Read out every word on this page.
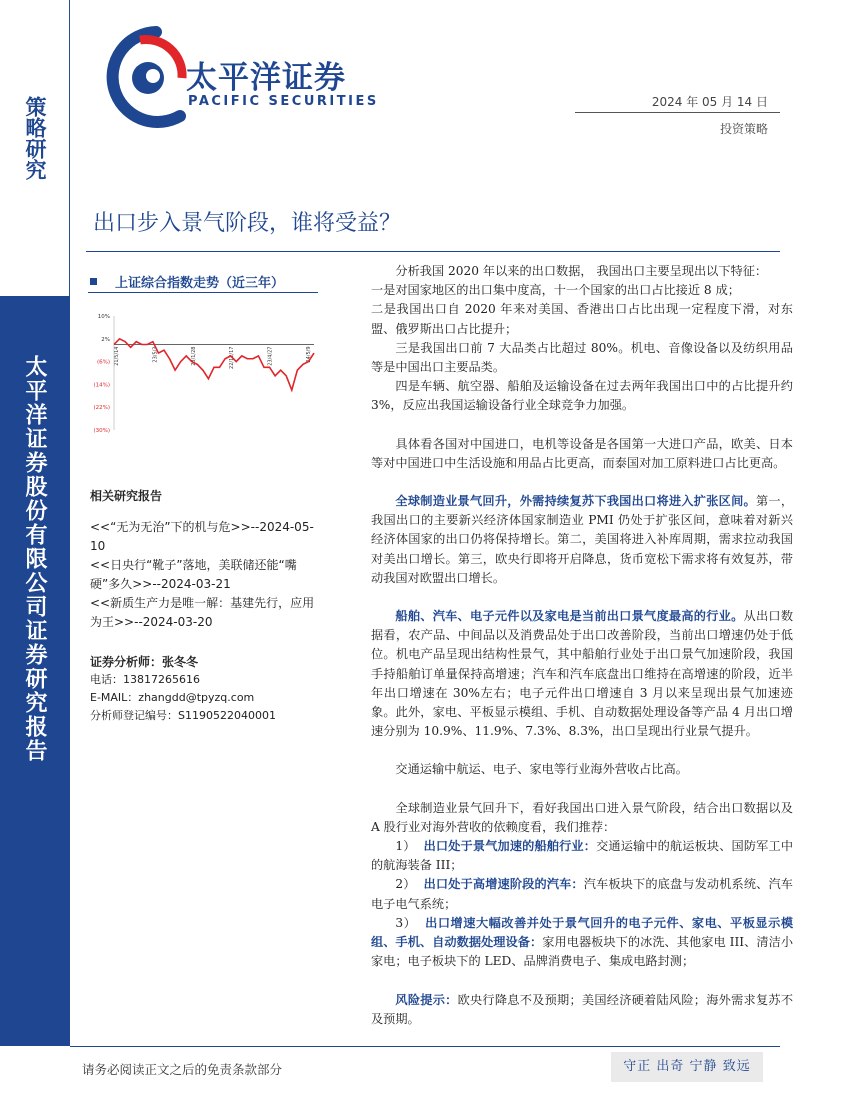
策略研究
太平洋证券股份有限公司证券研究报告
太平洋证券
PACIFIC SECURITIES	2024 年 05 月 14 日
投资策略
出口步入景气阶段，谁将受益？
上证综合指数走势（近三年）
10%
2%
(6%)
(14%)
(22%)
(30%)
21/5/14	23/5/3	23/1/28	22/12/17	23/4/27	24/5/9
相关研究报告
<<“无为无治”下的机与危>>--2024-05-10
<<日央行“靴子”落地，美联储还能“嘴硬”多久>>--2024-03-21
<<新质生产力是唯一解：基建先行，应用为王>>--2024-03-20
证券分析师：张冬冬
电话：13817265616
E-MAIL：zhangdd@tpyzq.com
分析师登记编号：S1190522040001

分析我国 2020 年以来的出口数据， 我国出口主要呈现出以下特征：

一是对国家地区的出口集中度高，十一个国家的出口占比接近 8 成；

二是我国出口自 2020 年来对美国、香港出口占比出现一定程度下滑，对东盟、俄罗斯出口占比提升；

三是我国出口前 7 大品类占比超过 80%。机电、音像设备以及纺织用品等是中国出口主要品类。

四是车辆、航空器、船舶及运输设备在过去两年我国出口中的占比提升约 3%，反应出我国运输设备行业全球竞争力加强。

具体看各国对中国进口，电机等设备是各国第一大进口产品，欧美、日本等对中国进口中生活设施和用品占比更高，而泰国对加工原料进口占比更高。

全球制造业景气回升，外需持续复苏下我国出口将进入扩张区间。第一，我国出口的主要新兴经济体国家制造业 PMI 仍处于扩张区间，意味着对新兴经济体国家的出口仍将保持增长。第二，美国将进入补库周期，需求拉动我国对美出口增长。第三，欧央行即将开启降息，货币宽松下需求将有效复苏，带动我国对欧盟出口增长。

船舶、汽车、电子元件以及家电是当前出口景气度最高的行业。从出口数据看，农产品、中间品以及消费品处于出口改善阶段，当前出口增速仍处于低位。机电产品呈现出结构性景气，其中船舶行业处于出口景气加速阶段，我国手持船舶订单量保持高增速；汽车和汽车底盘出口维持在高增速的阶段，近半年出口增速在 30%左右；电子元件出口增速自 3 月以来呈现出景气加速迹象。此外，家电、平板显示模组、手机、自动数据处理设备等产品 4 月出口增速分别为 10.9%、11.9%、7.3%、8.3%，出口呈现出行业景气提升。

交通运输中航运、电子、家电等行业海外营收占比高。

全球制造业景气回升下，看好我国出口进入景气阶段，结合出口数据以及 A 股行业对海外营收的依赖度看，我们推荐：

1） 出口处于景气加速的船舶行业：交通运输中的航运板块、国防军工中的航海装备 III；

2） 出口处于高增速阶段的汽车：汽车板块下的底盘与发动机系统、汽车电子电气系统；

3） 出口增速大幅改善并处于景气回升的电子元件、家电、平板显示模组、手机、自动数据处理设备：家用电器板块下的冰洗、其他家电 III、清洁小家电；电子板块下的 LED、品牌消费电子、集成电路封测；

风险提示：欧央行降息不及预期；美国经济硬着陆风险；海外需求复苏不及预期。

请务必阅读正文之后的免责条款部分	守正 出奇 宁静 致远
